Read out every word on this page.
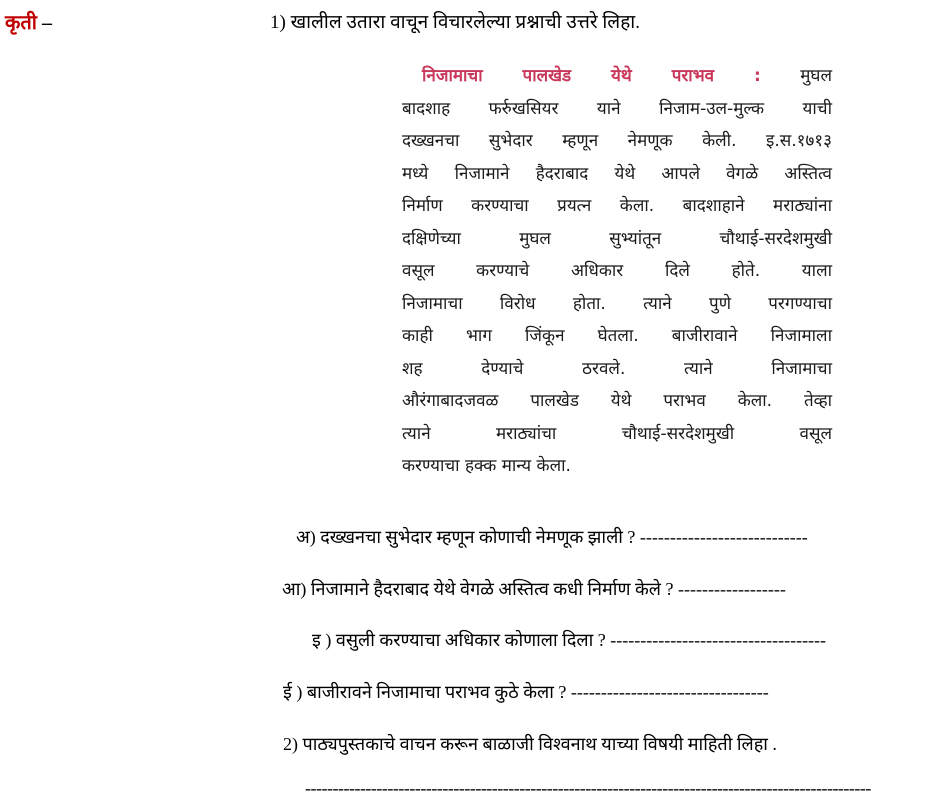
कृती –	1) खालील उतारा वाचून विचारलेल्या प्रश्नाची उत्तरे लिहा.
निजामाचा पालखेड येथे पराभव : मुघल
बादशाह फर्रुखसियर याने निजाम-उल-मुल्क याची
दख्खनचा सुभेदार म्हणून नेमणूक केली. इ.स.१७१३
मध्ये निजामाने हैदराबाद येथे आपले वेगळे अस्तित्व
निर्माण करण्याचा प्रयत्न केला. बादशाहाने मराठ्यांना
दक्षिणेच्या मुघल सुभ्यांतून चौथाई-सरदेशमुखी
वसूल करण्याचे अधिकार दिले होते. याला
निजामाचा विरोध होता. त्याने पुणे परगण्याचा
काही भाग जिंकून घेतला. बाजीरावाने निजामाला
शह देण्याचे ठरवले. त्याने निजामाचा
औरंगाबादजवळ पालखेड येथे पराभव केला. तेव्हा
त्याने मराठ्यांचा चौथाई-सरदेशमुखी वसूल
करण्याचा हक्क मान्य केला.
अ) दख्खनचा सुभेदार म्हणून कोणाची नेमणूक झाली ? ----------------------------
आ) निजामाने हैदराबाद येथे वेगळे अस्तित्व कधी निर्माण केले ? ------------------
इ ) वसुली करण्याचा अधिकार कोणाला दिला ? ------------------------------------
ई ) बाजीरावने निजामाचा पराभव कुठे केला ? ---------------------------------
2) पाठ्यपुस्तकाचे वाचन करून बाळाजी विश्वनाथ याच्या विषयी माहिती लिहा .
-------------------------------------------------------------------------------------------------------
